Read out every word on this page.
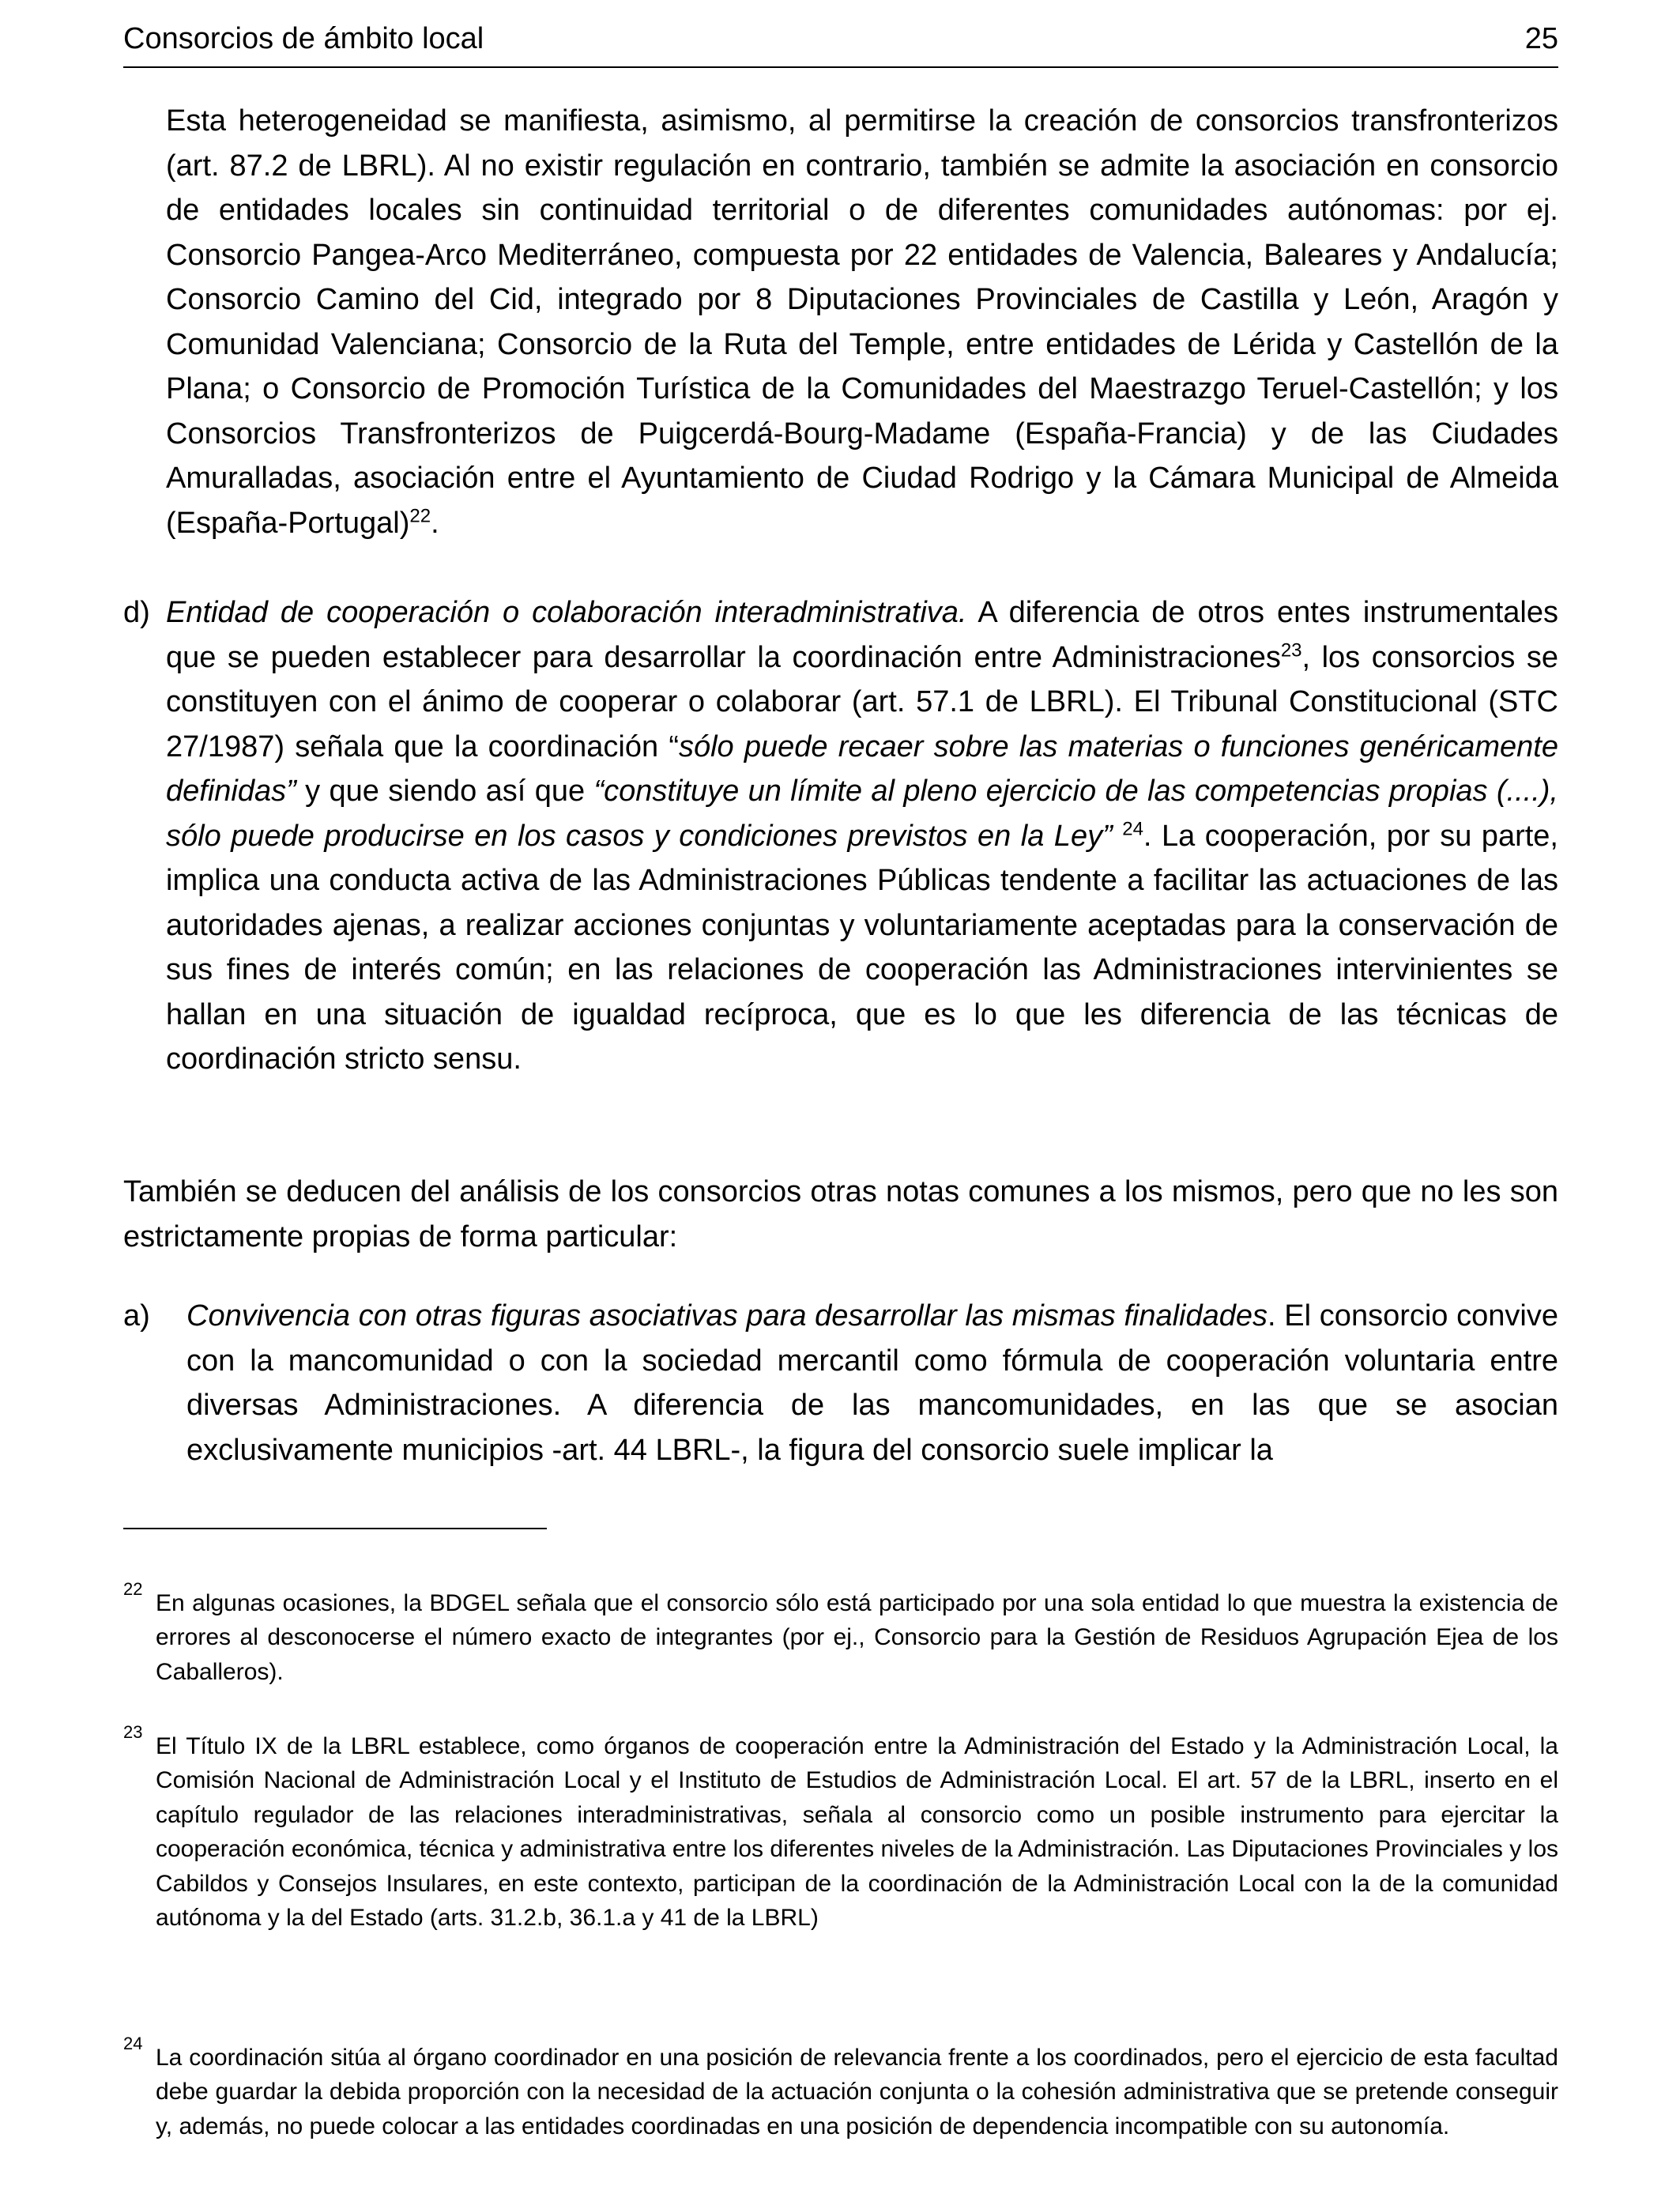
Consorcios de ámbito local	25
Esta heterogeneidad se manifiesta, asimismo, al permitirse la creación de consorcios transfronterizos (art. 87.2 de LBRL). Al no existir regulación en contrario, también se admite la asociación en consorcio de entidades locales sin continuidad territorial o de diferentes comunidades autónomas: por ej. Consorcio Pangea-Arco Mediterráneo, compuesta por 22 entidades de Valencia, Baleares y Andalucía; Consorcio Camino del Cid, integrado por 8 Diputaciones Provinciales de Castilla y León, Aragón y Comunidad Valenciana; Consorcio de la Ruta del Temple, entre entidades de Lérida y Castellón de la Plana; o Consorcio de Promoción Turística de la Comunidades del Maestrazgo Teruel-Castellón; y los Consorcios Transfronterizos de Puigcerdá-Bourg-Madame (España-Francia) y de las Ciudades Amuralladas, asociación entre el Ayuntamiento de Ciudad Rodrigo y la Cámara Municipal de Almeida (España-Portugal)$^{22}$.
d) Entidad de cooperación o colaboración interadministrativa. A diferencia de otros entes instrumentales que se pueden establecer para desarrollar la coordinación entre Administraciones$^{23}$, los consorcios se constituyen con el ánimo de cooperar o colaborar (art. 57.1 de LBRL). El Tribunal Constitucional (STC 27/1987) señala que la coordinación “sólo puede recaer sobre las materias o funciones genéricamente definidas” y que siendo así que “constituye un límite al pleno ejercicio de las competencias propias (....), sólo puede producirse en los casos y condiciones previstos en la Ley” $^{24}$. La cooperación, por su parte, implica una conducta activa de las Administraciones Públicas tendente a facilitar las actuaciones de las autoridades ajenas, a realizar acciones conjuntas y voluntariamente aceptadas para la conservación de sus fines de interés común; en las relaciones de cooperación las Administraciones intervinientes se hallan en una situación de igualdad recíproca, que es lo que les diferencia de las técnicas de coordinación stricto sensu.
También se deducen del análisis de los consorcios otras notas comunes a los mismos, pero que no les son estrictamente propias de forma particular:
a) Convivencia con otras figuras asociativas para desarrollar las mismas finalidades. El consorcio convive con la mancomunidad o con la sociedad mercantil como fórmula de cooperación voluntaria entre diversas Administraciones. A diferencia de las mancomunidades, en las que se asocian exclusivamente municipios -art. 44 LBRL-, la figura del consorcio suele implicar la
22
En algunas ocasiones, la BDGEL señala que el consorcio sólo está participado por una sola entidad lo que muestra la existencia de errores al desconocerse el número exacto de integrantes (por ej., Consorcio para la Gestión de Residuos Agrupación Ejea de los Caballeros).
23
El Título IX de la LBRL establece, como órganos de cooperación entre la Administración del Estado y la Administración Local, la Comisión Nacional de Administración Local y el Instituto de Estudios de Administración Local. El art. 57 de la LBRL, inserto en el capítulo regulador de las relaciones interadministrativas, señala al consorcio como un posible instrumento para ejercitar la cooperación económica, técnica y administrativa entre los diferentes niveles de la Administración. Las Diputaciones Provinciales y los Cabildos y Consejos Insulares, en este contexto, participan de la coordinación de la Administración Local con la de la comunidad autónoma y la del Estado (arts. 31.2.b, 36.1.a y 41 de la LBRL)
24
La coordinación sitúa al órgano coordinador en una posición de relevancia frente a los coordinados, pero el ejercicio de esta facultad debe guardar la debida proporción con la necesidad de la actuación conjunta o la cohesión administrativa que se pretende conseguir y, además, no puede colocar a las entidades coordinadas en una posición de dependencia incompatible con su autonomía.
